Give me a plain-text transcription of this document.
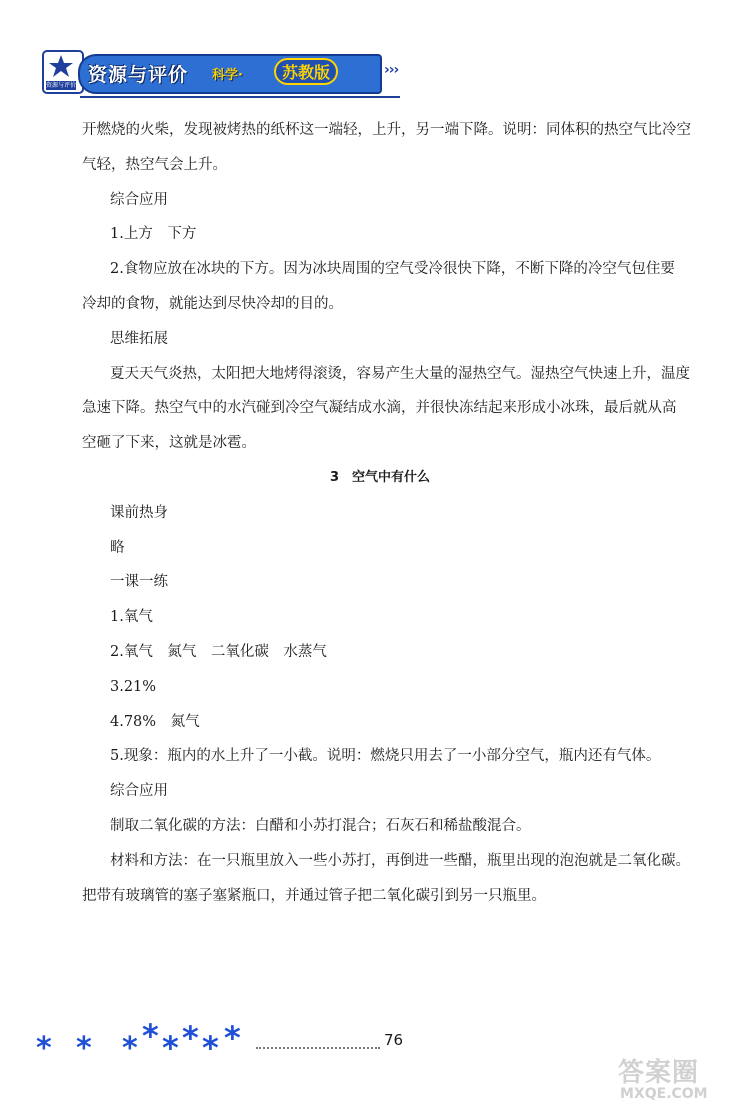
资源与评价 资源与评价 科学·	苏教版	›››
开燃烧的火柴，发现被烤热的纸杯这一端轻，上升，另一端下降。说明：同体积的热空气比冷空
气轻，热空气会上升。
综合应用
1.上方　下方
2.食物应放在冰块的下方。因为冰块周围的空气受冷很快下降，不断下降的冷空气包住要
冷却的食物，就能达到尽快冷却的目的。
思维拓展
夏天天气炎热，太阳把大地烤得滚烫，容易产生大量的湿热空气。湿热空气快速上升，温度
急速下降。热空气中的水汽碰到冷空气凝结成水滴，并很快冻结起来形成小冰珠，最后就从高
空砸了下来，这就是冰雹。
3　空气中有什么
课前热身
略
一课一练
1.氧气
2.氧气　氮气　二氧化碳　水蒸气
3.21%
4.78%　氮气
5.现象：瓶内的水上升了一小截。说明：燃烧只用去了一小部分空气，瓶内还有气体。
综合应用
制取二氧化碳的方法：白醋和小苏打混合；石灰石和稀盐酸混合。
材料和方法：在一只瓶里放入一些小苏打，再倒进一些醋，瓶里出现的泡泡就是二氧化碳。
把带有玻璃管的塞子塞紧瓶口，并通过管子把二氧化碳引到另一只瓶里。
* * * * * * * *	76
答案圈
MXQE.COM
